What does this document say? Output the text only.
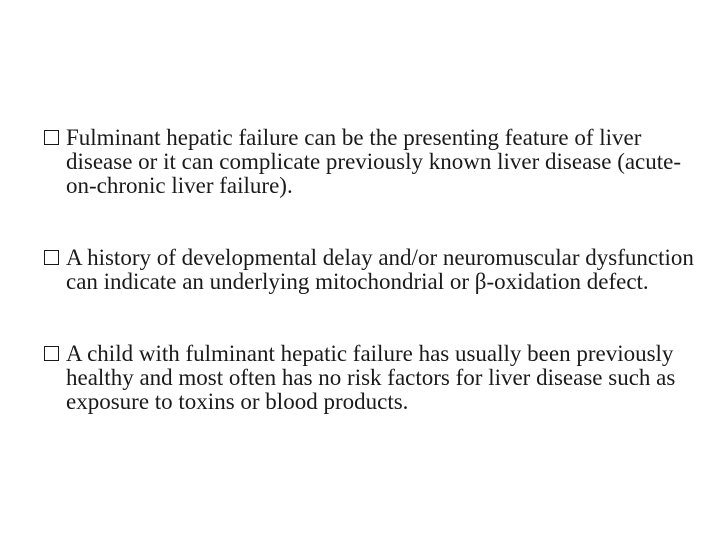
Fulminant hepatic failure can be the presenting feature of liver disease or it can complicate previously known liver disease (acute-on-chronic liver failure).
A history of developmental delay and/or neuromuscular dysfunction can indicate an underlying mitochondrial or β-oxidation defect.
A child with fulminant hepatic failure has usually been previously healthy and most often has no risk factors for liver disease such as exposure to toxins or blood products.
